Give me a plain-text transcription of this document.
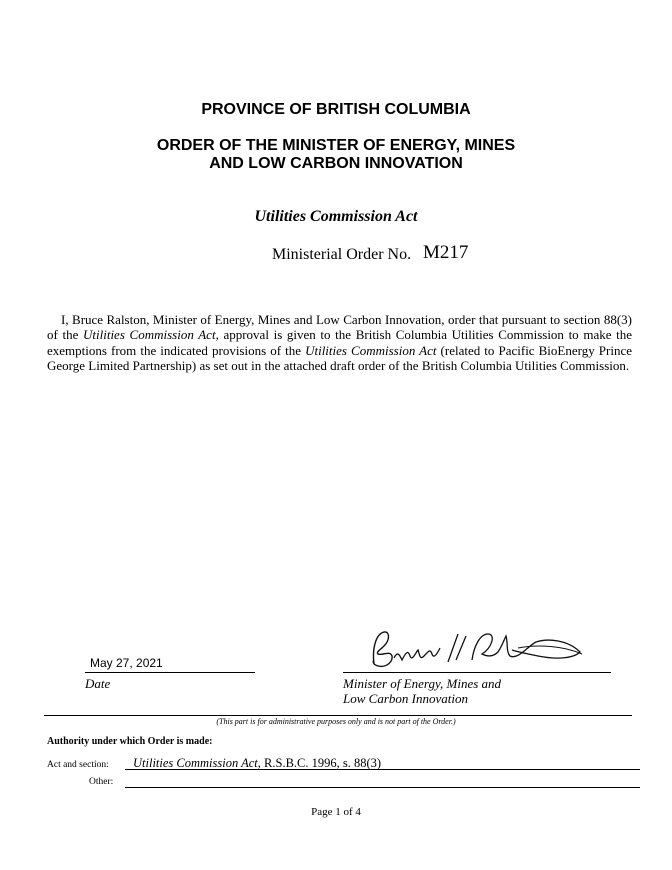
PROVINCE OF BRITISH COLUMBIA
ORDER OF THE MINISTER OF ENERGY, MINES
AND LOW CARBON INNOVATION
Utilities Commission Act
Ministerial Order No. M217

I, Bruce Ralston, Minister of Energy, Mines and Low Carbon Innovation, order that pursuant to section 88(3) of the Utilities Commission Act, approval is given to the British Columbia Utilities Commission to make the exemptions from the indicated provisions of the Utilities Commission Act (related to Pacific BioEnergy Prince George Limited Partnership) as set out in the attached draft order of the British Columbia Utilities Commission.

May 27, 2021
Date	Minister of Energy, Mines and
Low Carbon Innovation
(This part is for administrative purposes only and is not part of the Order.)
Authority under which Order is made:
Act and section: Utilities Commission Act, R.S.B.C. 1996, s. 88(3)
Other:
Page 1 of 4
